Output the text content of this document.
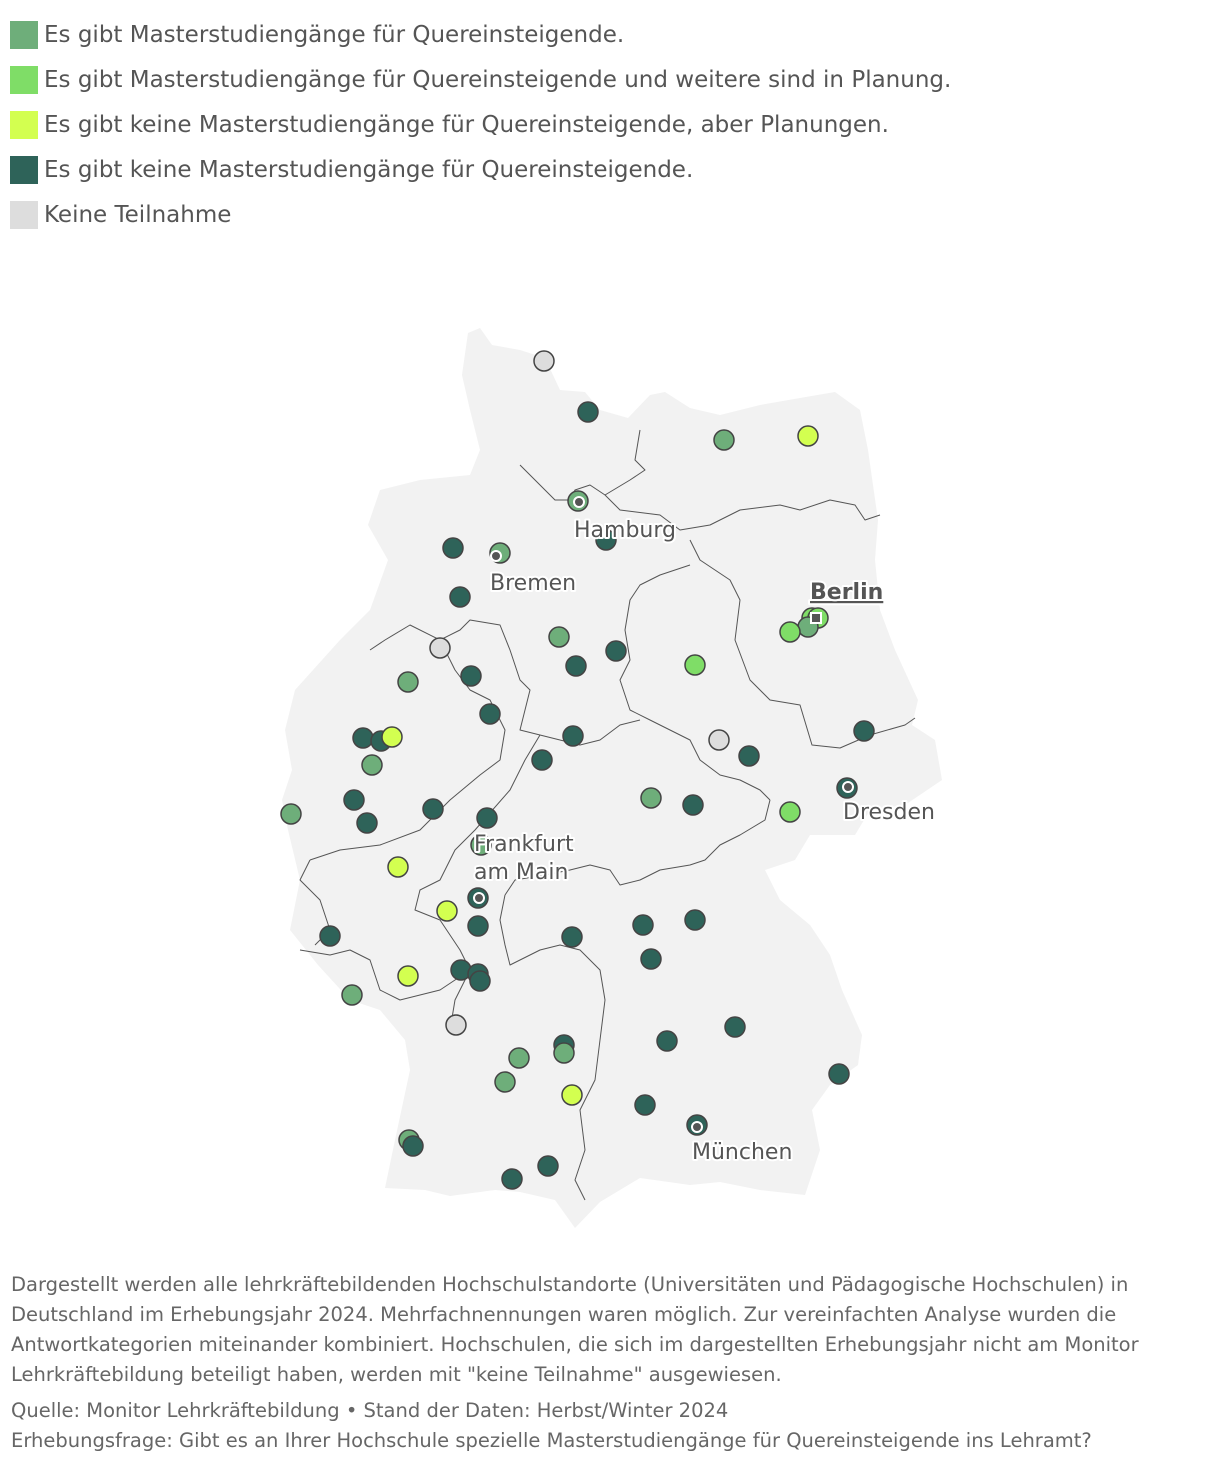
Es gibt Masterstudiengänge für Quereinsteigende.
Es gibt Masterstudiengänge für Quereinsteigende und weitere sind in Planung.
Es gibt keine Masterstudiengänge für Quereinsteigende, aber Planungen.
Es gibt keine Masterstudiengänge für Quereinsteigende.
Keine Teilnahme
Hamburg
Bremen	Berlin
Dresden
Frankfurt
am Main
München

Dargestellt werden alle lehrkräftebildenden Hochschulstandorte (Universitäten und Pädagogische Hochschulen) in Deutschland im Erhebungsjahr 2024. Mehrfachnennungen waren möglich. Zur vereinfachten Analyse wurden die Antwortkategorien miteinander kombiniert. Hochschulen, die sich im dargestellten Erhebungsjahr nicht am Monitor Lehrkräftebildung beteiligt haben, werden mit "keine Teilnahme" ausgewiesen.

Quelle: Monitor Lehrkräftebildung • Stand der Daten: Herbst/Winter 2024

Erhebungsfrage: Gibt es an Ihrer Hochschule spezielle Masterstudiengänge für Quereinsteigende ins Lehramt?
